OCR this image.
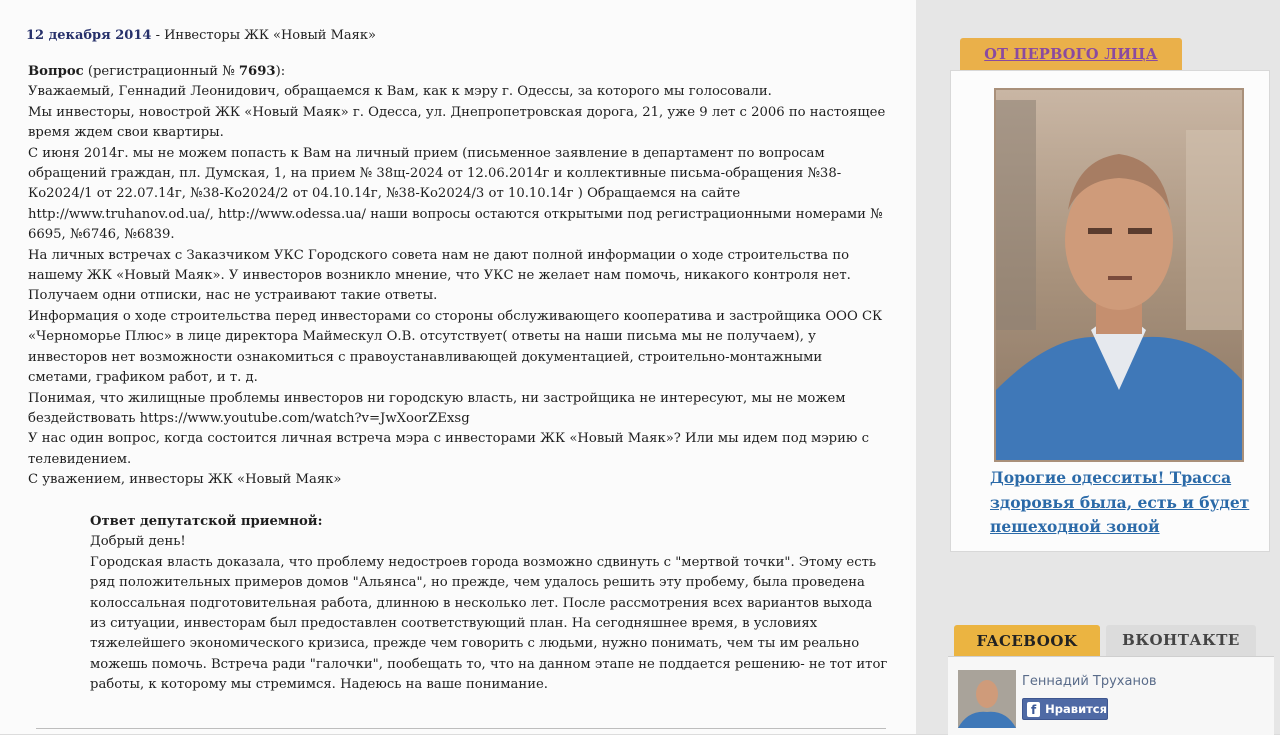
12 декабря 2014 - Инвесторы ЖК «Новый Маяк»

Вопрос (регистрационный № 7693):

Уважаемый, Геннадий Леонидович, обращаемся к Вам, как к мэру г. Одессы, за которого мы голосовали.

Мы инвесторы, новострой ЖК «Новый Маяк» г. Одесса, ул. Днепропетровская дорога, 21, уже 9 лет с 2006 по настоящее время ждем свои квартиры.

С июня 2014г. мы не можем попасть к Вам на личный прием (письменное заявление в департамент по вопросам обращений граждан, пл. Думская, 1, на прием № 38щ-2024 от 12.06.2014г и коллективные письма-обращения №38-Ко2024/1 от 22.07.14г, №38-Ко2024/2 от 04.10.14г, №38-Ко2024/3 от 10.10.14г ) Обращаемся на сайте http://www.truhanov.od.ua/, http://www.odessa.ua/ наши вопросы остаются открытыми под регистрационными номерами № 6695, №6746, №6839.

На личных встречах с Заказчиком УКС Городского совета нам не дают полной информации о ходе строительства по нашему ЖК «Новый Маяк». У инвесторов возникло мнение, что УКС не желает нам помочь, никакого контроля нет. Получаем одни отписки, нас не устраивают такие ответы.

Информация о ходе строительства перед инвесторами со стороны обслуживающего кооператива и застройщика ООО СК «Черноморье Плюс» в лице директора Маймескул О.В. отсутствует( ответы на наши письма мы не получаем), у инвесторов нет возможности ознакомиться с правоустанавливающей документацией, строительно-монтажными сметами, графиком работ, и т. д.

Понимая, что жилищные проблемы инвесторов ни городскую власть, ни застройщика не интересуют, мы не можем бездействовать https://www.youtube.com/watch?v=JwXoorZExsg

У нас один вопрос, когда состоится личная встреча мэра с инвесторами ЖК «Новый Маяк»? Или мы идем под мэрию с телевидением.

С уважением, инвесторы ЖК «Новый Маяк»

Ответ депутатской приемной:

Добрый день!

Городская власть доказала, что проблему недостроев города возможно сдвинуть с "мертвой точки". Этому есть ряд положительных примеров домов "Альянса", но прежде, чем удалось решить эту пробему, была проведена колоссальная подготовительная работа, длинною в несколько лет. После рассмотрения всех вариантов выхода из ситуации, инвесторам был предоставлен соответствующий план. На сегодняшнее время, в условиях тяжелейшего экономического кризиса, прежде чем говорить с людьми, нужно понимать, чем ты им реально можешь помочь. Встреча ради "галочки", пообещать то, что на данном этапе не поддается решению- не тот итог работы, к которому мы стремимся. Надеюсь на ваше понимание.

ОТ ПЕРВОГО ЛИЦА
Дорогие одесситы! Трасса здоровья была, есть и будет пешеходной зоной
FACEBOOK	ВКОНТАКТЕ
Геннадий Труханов
f Нравится
